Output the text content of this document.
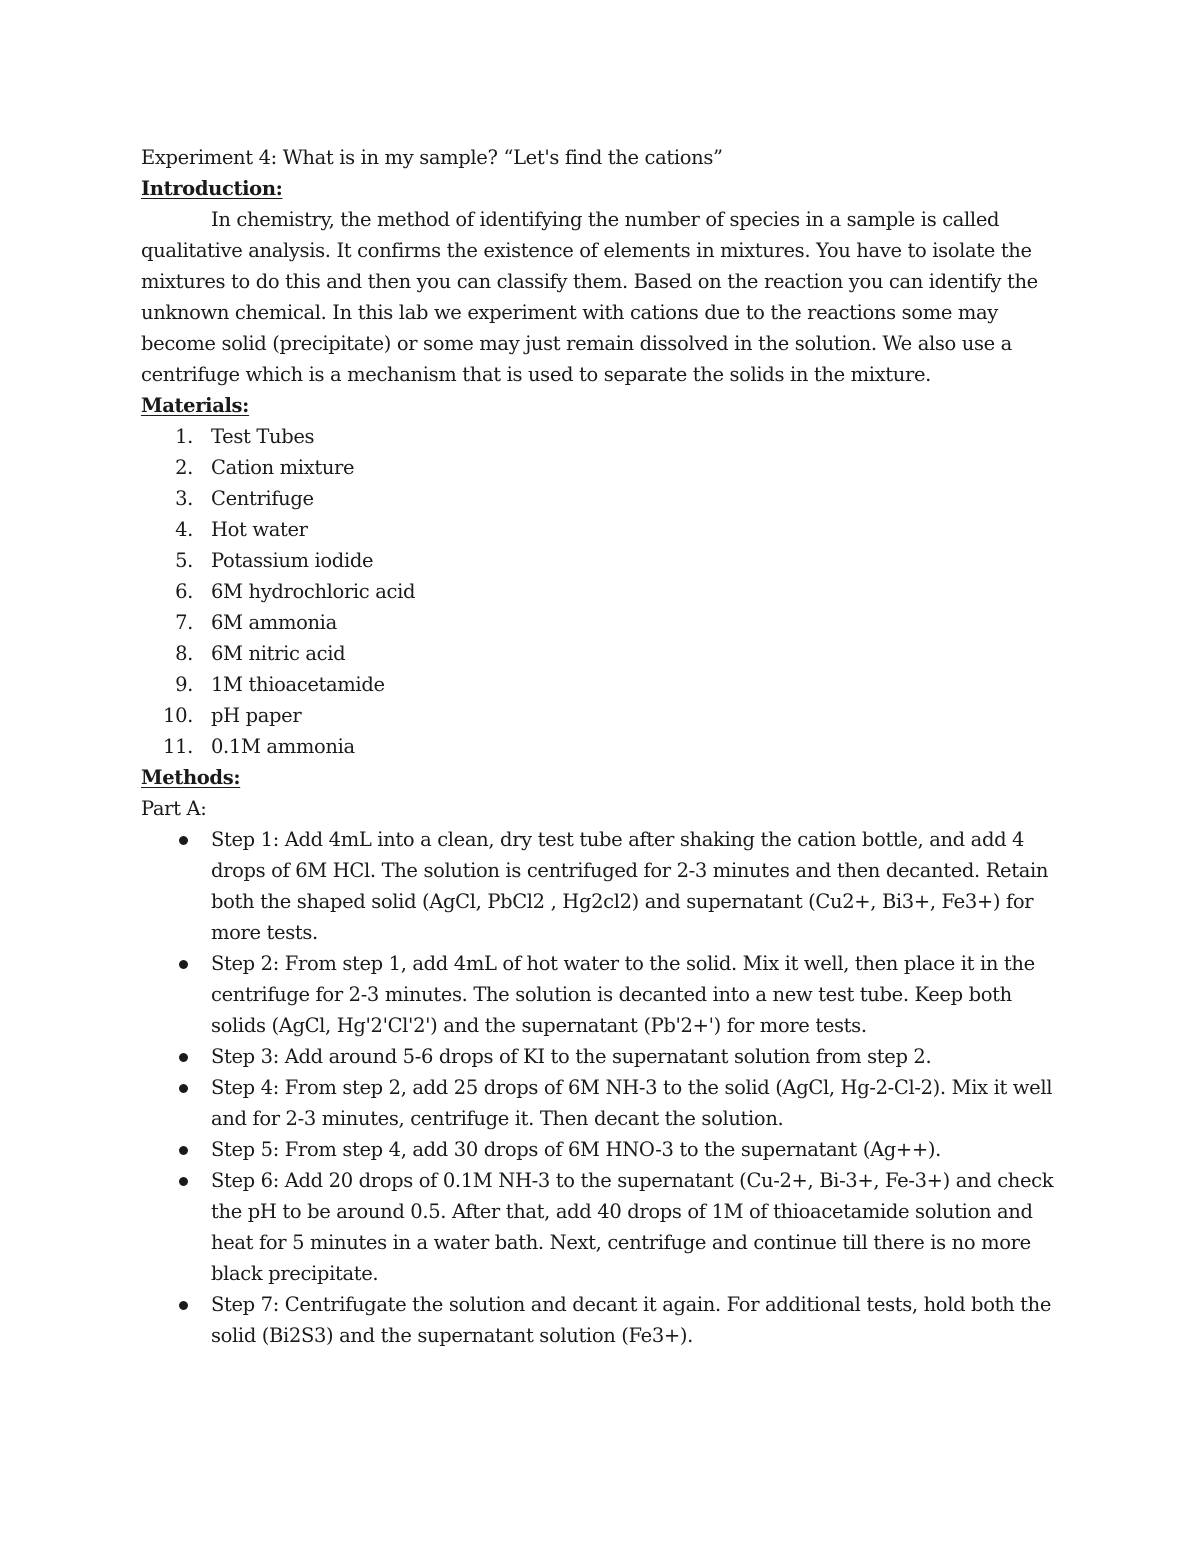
Experiment 4: What is in my sample? “Let's find the cations”

Introduction:

In chemistry, the method of identifying the number of species in a sample is called qualitative analysis. It confirms the existence of elements in mixtures. You have to isolate the mixtures to do this and then you can classify them. Based on the reaction you can identify the unknown chemical. In this lab we experiment with cations due to the reactions some may become solid (precipitate) or some may just remain dissolved in the solution. We also use a centrifuge which is a mechanism that is used to separate the solids in the mixture.

Materials:

1. Test Tubes
2. Cation mixture
3. Centrifuge
4. Hot water
5. Potassium iodide
6. 6M hydrochloric acid
7. 6M ammonia
8. 6M nitric acid
9. 1M thioacetamide
10. pH paper
11. 0.1M ammonia

Methods:

Part A:

Step 1: Add 4mL into a clean, dry test tube after shaking the cation bottle, and add 4 drops of 6M HCl. The solution is centrifuged for 2-3 minutes and then decanted. Retain both the shaped solid (AgCl, PbCl2 , Hg2cl2) and supernatant (Cu2+, Bi3+, Fe3+) for more tests.
Step 2: From step 1, add 4mL of hot water to the solid. Mix it well, then place it in the centrifuge for 2-3 minutes. The solution is decanted into a new test tube. Keep both solids (AgCl, Hg'2'Cl'2') and the supernatant (Pb'2+') for more tests.
Step 3: Add around 5-6 drops of KI to the supernatant solution from step 2.
Step 4: From step 2, add 25 drops of 6M NH-3 to the solid (AgCl, Hg-2-Cl-2). Mix it well and for 2-3 minutes, centrifuge it. Then decant the solution.
Step 5: From step 4, add 30 drops of 6M HNO-3 to the supernatant (Ag++).
Step 6: Add 20 drops of 0.1M NH-3 to the supernatant (Cu-2+, Bi-3+, Fe-3+) and check the pH to be around 0.5. After that, add 40 drops of 1M of thioacetamide solution and heat for 5 minutes in a water bath. Next, centrifuge and continue till there is no more black precipitate.
Step 7: Centrifugate the solution and decant it again. For additional tests, hold both the solid (Bi2S3) and the supernatant solution (Fe3+).
